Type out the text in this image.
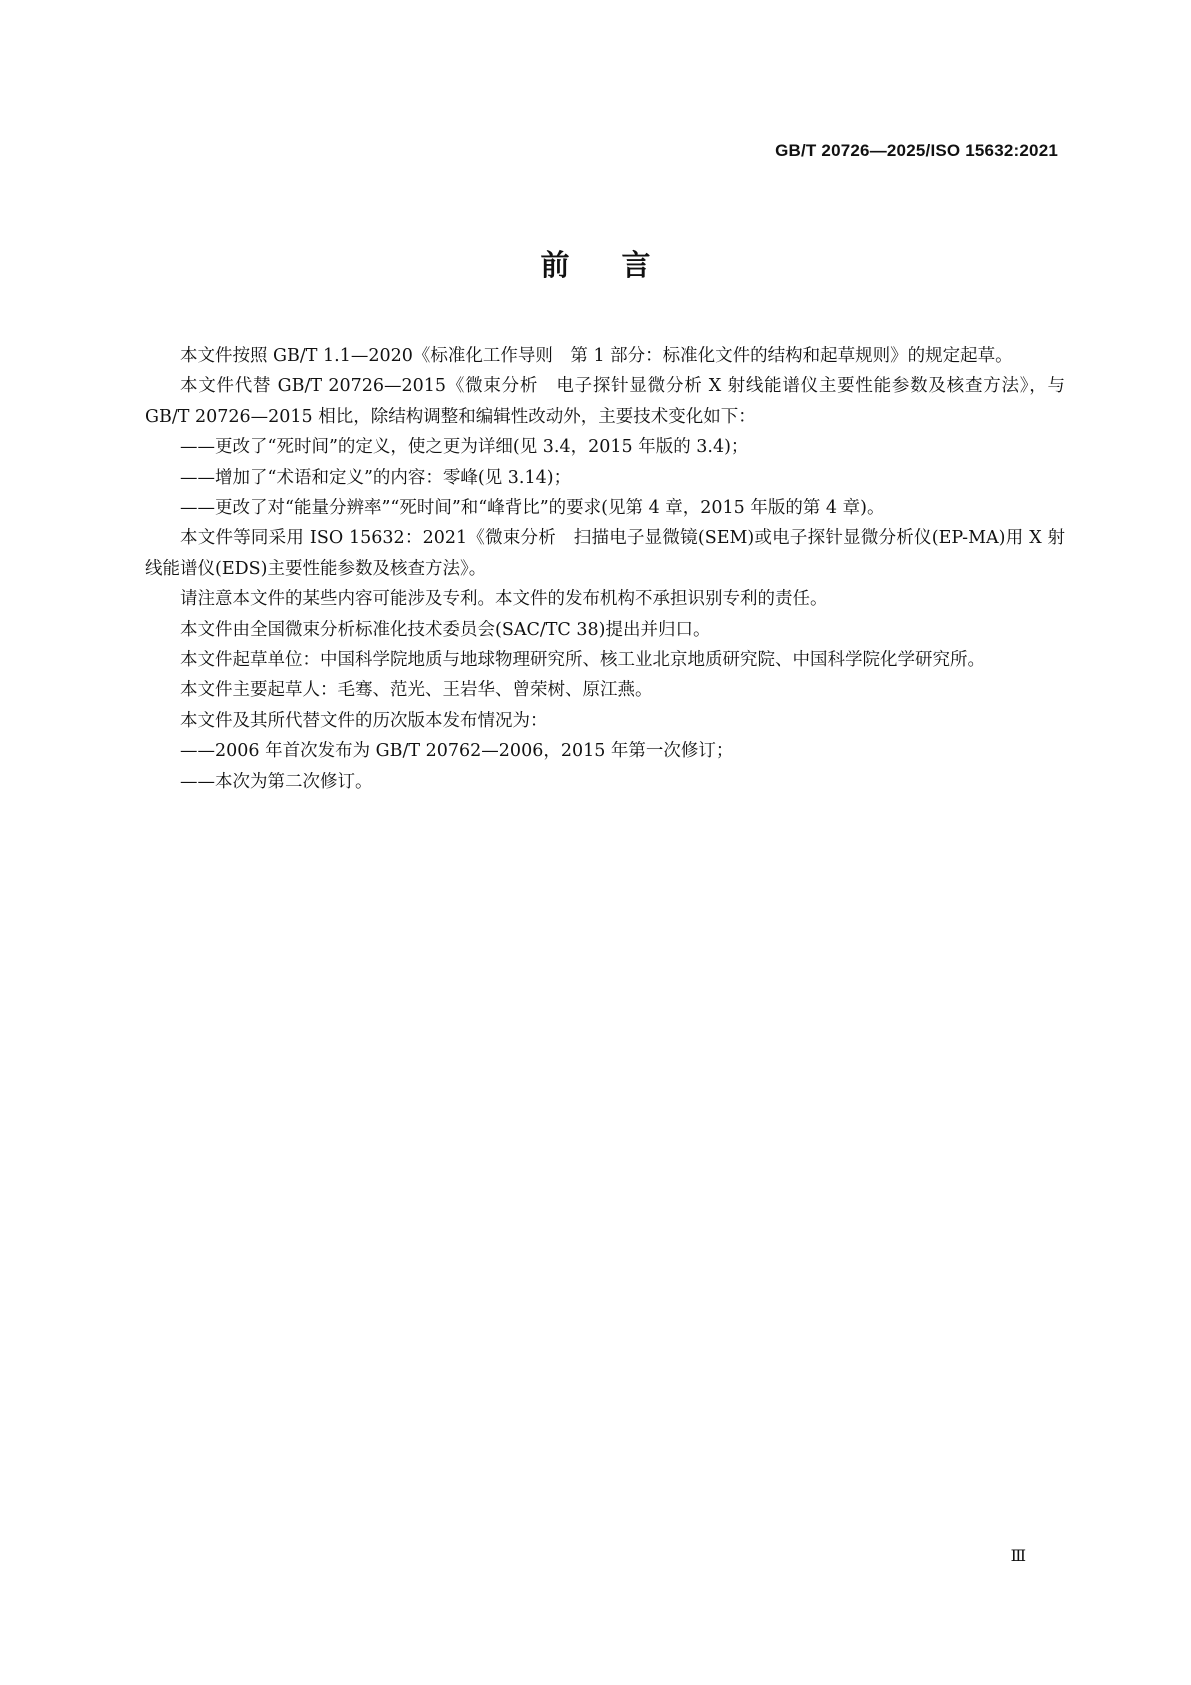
GB/T 20726—2025/ISO 15632:2021
前言

本文件按照 GB/T 1.1—2020《标准化工作导则　第 1 部分：标准化文件的结构和起草规则》的规定起草。

本文件代替 GB/T 20726—2015《微束分析　电子探针显微分析 X 射线能谱仪主要性能参数及核查方法》，与 GB/T 20726—2015 相比，除结构调整和编辑性改动外，主要技术变化如下：

——更改了“死时间”的定义，使之更为详细(见 3.4，2015 年版的 3.4)；

——增加了“术语和定义”的内容：零峰(见 3.14)；

——更改了对“能量分辨率”“死时间”和“峰背比”的要求(见第 4 章，2015 年版的第 4 章)。

本文件等同采用 ISO 15632：2021《微束分析　扫描电子显微镜(SEM)或电子探针显微分析仪(EP-MA)用 X 射线能谱仪(EDS)主要性能参数及核查方法》。

请注意本文件的某些内容可能涉及专利。本文件的发布机构不承担识别专利的责任。

本文件由全国微束分析标准化技术委员会(SAC/TC 38)提出并归口。

本文件起草单位：中国科学院地质与地球物理研究所、核工业北京地质研究院、中国科学院化学研究所。

本文件主要起草人：毛骞、范光、王岩华、曾荣树、原江燕。

本文件及其所代替文件的历次版本发布情况为：

——2006 年首次发布为 GB/T 20762—2006，2015 年第一次修订；

——本次为第二次修订。

Ⅲ
